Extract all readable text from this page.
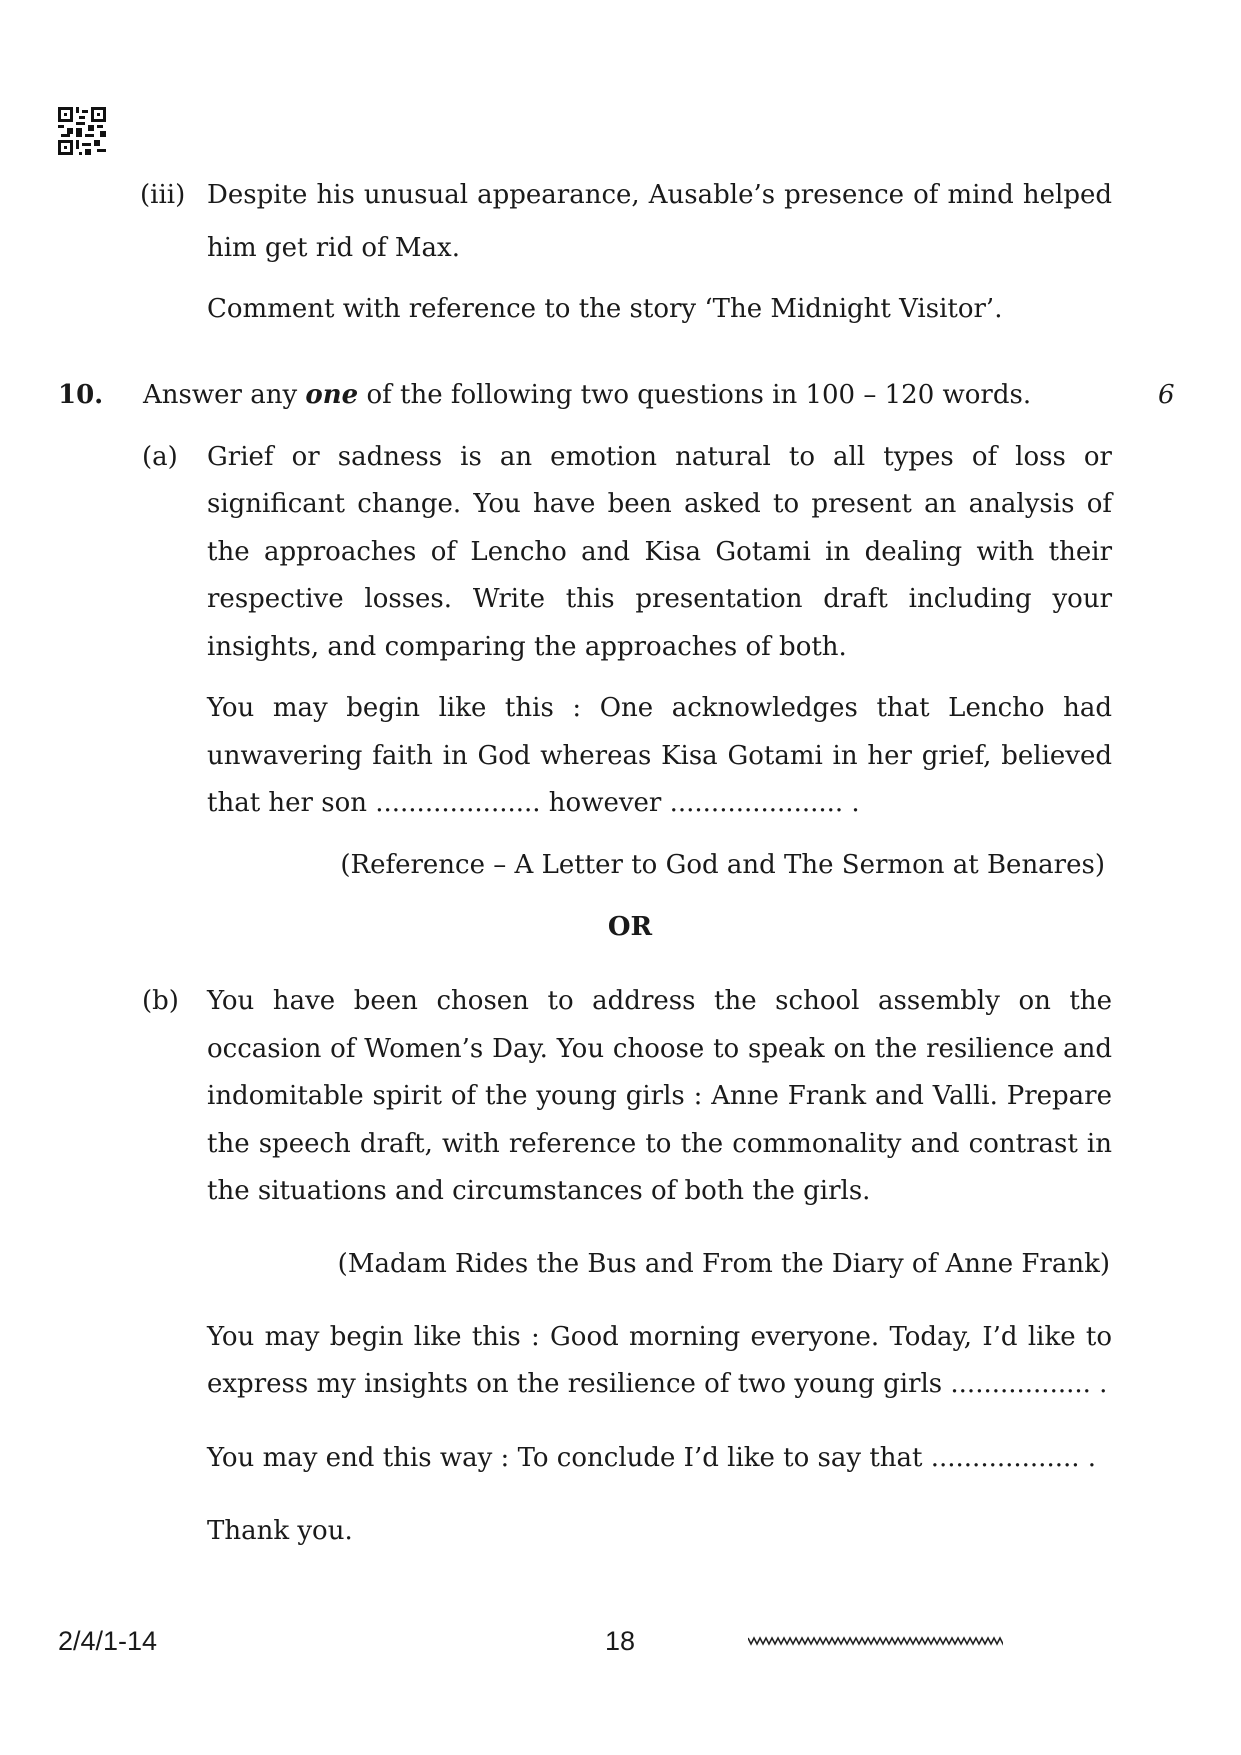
(iii) Despite his unusual appearance, Ausable’s presence of mind helped
him get rid of Max.
Comment with reference to the story ‘The Midnight Visitor’.
10. Answer any one of the following two questions in 100 – 120 words.	6
(a) Grief or sadness is an emotion natural to all types of loss or
significant change. You have been asked to present an analysis of
the approaches of Lencho and Kisa Gotami in dealing with their
respective losses. Write this presentation draft including your
insights, and comparing the approaches of both.
You may begin like this : One acknowledges that Lencho had
unwavering faith in God whereas Kisa Gotami in her grief, believed
that her son .................... however ..................... .
(Reference – A Letter to God and The Sermon at Benares)
OR
(b) You have been chosen to address the school assembly on the
occasion of Women’s Day. You choose to speak on the resilience and
indomitable spirit of the young girls : Anne Frank and Valli. Prepare
the speech draft, with reference to the commonality and contrast in
the situations and circumstances of both the girls.
(Madam Rides the Bus and From the Diary of Anne Frank)
You may begin like this : Good morning everyone. Today, I’d like to
express my insights on the resilience of two young girls ................. .
You may end this way : To conclude I’d like to say that .................. .
Thank you.
2/4/1-14	18
